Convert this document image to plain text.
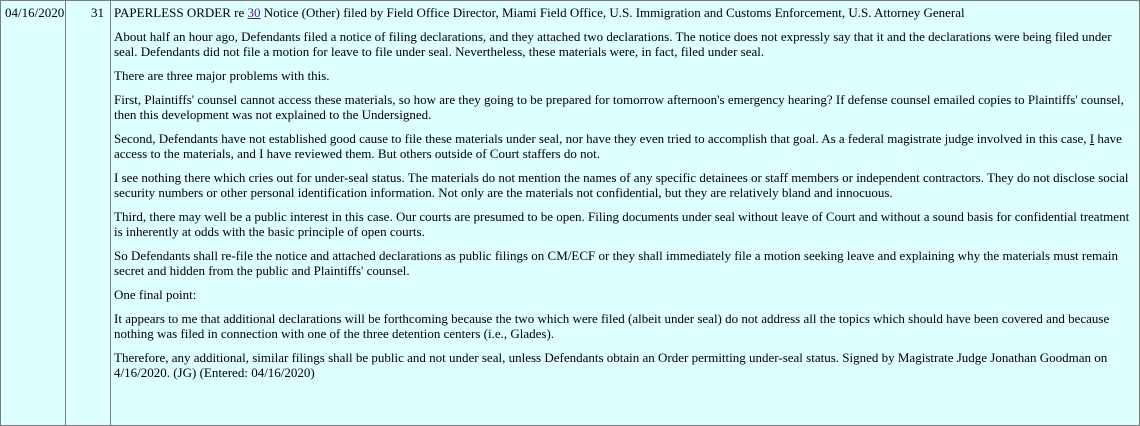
04/16/2020	31	PAPERLESS ORDER re 30 Notice (Other) filed by Field Office Director, Miami Field Office, U.S. Immigration and Customs Enforcement, U.S. Attorney General

About half an hour ago, Defendants filed a notice of filing declarations, and they attached two declarations. The notice does not expressly say that it and the declarations were being filed under seal. Defendants did not file a motion for leave to file under seal. Nevertheless, these materials were, in fact, filed under seal.

There are three major problems with this.

First, Plaintiffs' counsel cannot access these materials, so how are they going to be prepared for tomorrow afternoon's emergency hearing? If defense counsel emailed copies to Plaintiffs' counsel, then this development was not explained to the Undersigned.

Second, Defendants have not established good cause to file these materials under seal, nor have they even tried to accomplish that goal. As a federal magistrate judge involved in this case, I have access to the materials, and I have reviewed them. But others outside of Court staffers do not.

I see nothing there which cries out for under-seal status. The materials do not mention the names of any specific detainees or staff members or independent contractors. They do not disclose social security numbers or other personal identification information. Not only are the materials not confidential, but they are relatively bland and innocuous.

Third, there may well be a public interest in this case. Our courts are presumed to be open. Filing documents under seal without leave of Court and without a sound basis for confidential treatment is inherently at odds with the basic principle of open courts.

So Defendants shall re-file the notice and attached declarations as public filings on CM/ECF or they shall immediately file a motion seeking leave and explaining why the materials must remain secret and hidden from the public and Plaintiffs' counsel.

One final point:

It appears to me that additional declarations will be forthcoming because the two which were filed (albeit under seal) do not address all the topics which should have been covered and because nothing was filed in connection with one of the three detention centers (i.e., Glades).

Therefore, any additional, similar filings shall be public and not under seal, unless Defendants obtain an Order permitting under-seal status. Signed by Magistrate Judge Jonathan Goodman on 4/16/2020. (JG) (Entered: 04/16/2020)
